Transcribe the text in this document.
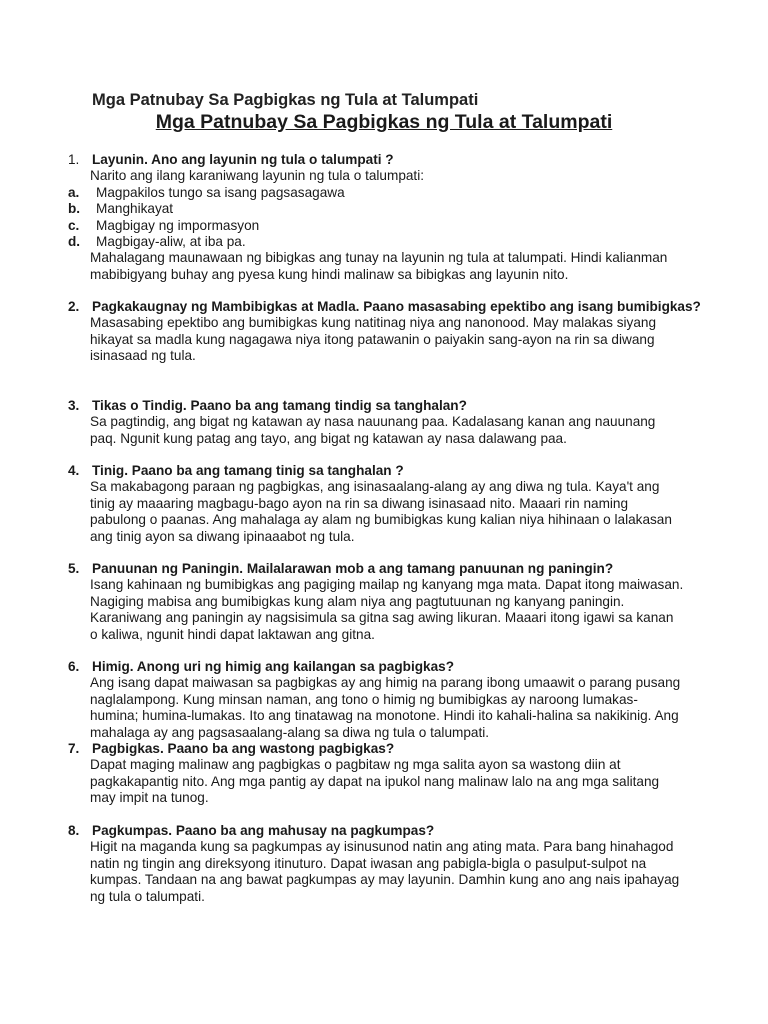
Mga Patnubay Sa Pagbigkas ng Tula at Talumpati
Mga Patnubay Sa Pagbigkas ng Tula at Talumpati
1. Layunin. Ano ang layunin ng tula o talumpati ?
Narito ang ilang karaniwang layunin ng tula o talumpati:
a. Magpakilos tungo sa isang pagsasagawa
b. Manghikayat
c. Magbigay ng impormasyon
d. Magbigay-aliw, at iba pa.
Mahalagang maunawaan ng bibigkas ang tunay na layunin ng tula at talumpati. Hindi kalianman mabibigyang buhay ang pyesa kung hindi malinaw sa bibigkas ang layunin nito.
2. Pagkakaugnay ng Mambibigkas at Madla. Paano masasabing epektibo ang isang bumibigkas?
Masasabing epektibo ang bumibigkas kung natitinag niya ang nanonood. May malakas siyang hikayat sa madla kung nagagawa niya itong patawanin o paiyakin sang-ayon na rin sa diwang isinasaad ng tula.
3. Tikas o Tindig. Paano ba ang tamang tindig sa tanghalan?
Sa pagtindig, ang bigat ng katawan ay nasa nauunang paa. Kadalasang kanan ang nauunang paq. Ngunit kung patag ang tayo, ang bigat ng katawan ay nasa dalawang paa.
4. Tinig. Paano ba ang tamang tinig sa tanghalan ?
Sa makabagong paraan ng pagbigkas, ang isinasaalang-alang ay ang diwa ng tula. Kaya't ang tinig ay maaaring magbagu-bago ayon na rin sa diwang isinasaad nito. Maaari rin naming pabulong o paanas. Ang mahalaga ay alam ng bumibigkas kung kalian niya hihinaan o lalakasan ang tinig ayon sa diwang ipinaaabot ng tula.
5. Panuunan ng Paningin. Mailalarawan mob a ang tamang panuunan ng paningin?
Isang kahinaan ng bumibigkas ang pagiging mailap ng kanyang mga mata. Dapat itong maiwasan. Nagiging mabisa ang bumibigkas kung alam niya ang pagtutuunan ng kanyang paningin. Karaniwang ang paningin ay nagsisimula sa gitna sag awing likuran. Maaari itong igawi sa kanan o kaliwa, ngunit hindi dapat laktawan ang gitna.
6. Himig. Anong uri ng himig ang kailangan sa pagbigkas?
Ang isang dapat maiwasan sa pagbigkas ay ang himig na parang ibong umaawit o parang pusang naglalampong. Kung minsan naman, ang tono o himig ng bumibigkas ay naroong lumakas-humina; humina-lumakas. Ito ang tinatawag na monotone. Hindi ito kahali-halina sa nakikinig. Ang mahalaga ay ang pagsasaalang-alang sa diwa ng tula o talumpati.
7. Pagbigkas. Paano ba ang wastong pagbigkas?
Dapat maging malinaw ang pagbigkas o pagbitaw ng mga salita ayon sa wastong diin at pagkakapantig nito. Ang mga pantig ay dapat na ipukol nang malinaw lalo na ang mga salitang may impit na tunog.
8. Pagkumpas. Paano ba ang mahusay na pagkumpas?
Higit na maganda kung sa pagkumpas ay isinusunod natin ang ating mata. Para bang hinahagod natin ng tingin ang direksyong itinuturo. Dapat iwasan ang pabigla-bigla o pasulput-sulpot na kumpas. Tandaan na ang bawat pagkumpas ay may layunin. Damhin kung ano ang nais ipahayag ng tula o talumpati.
